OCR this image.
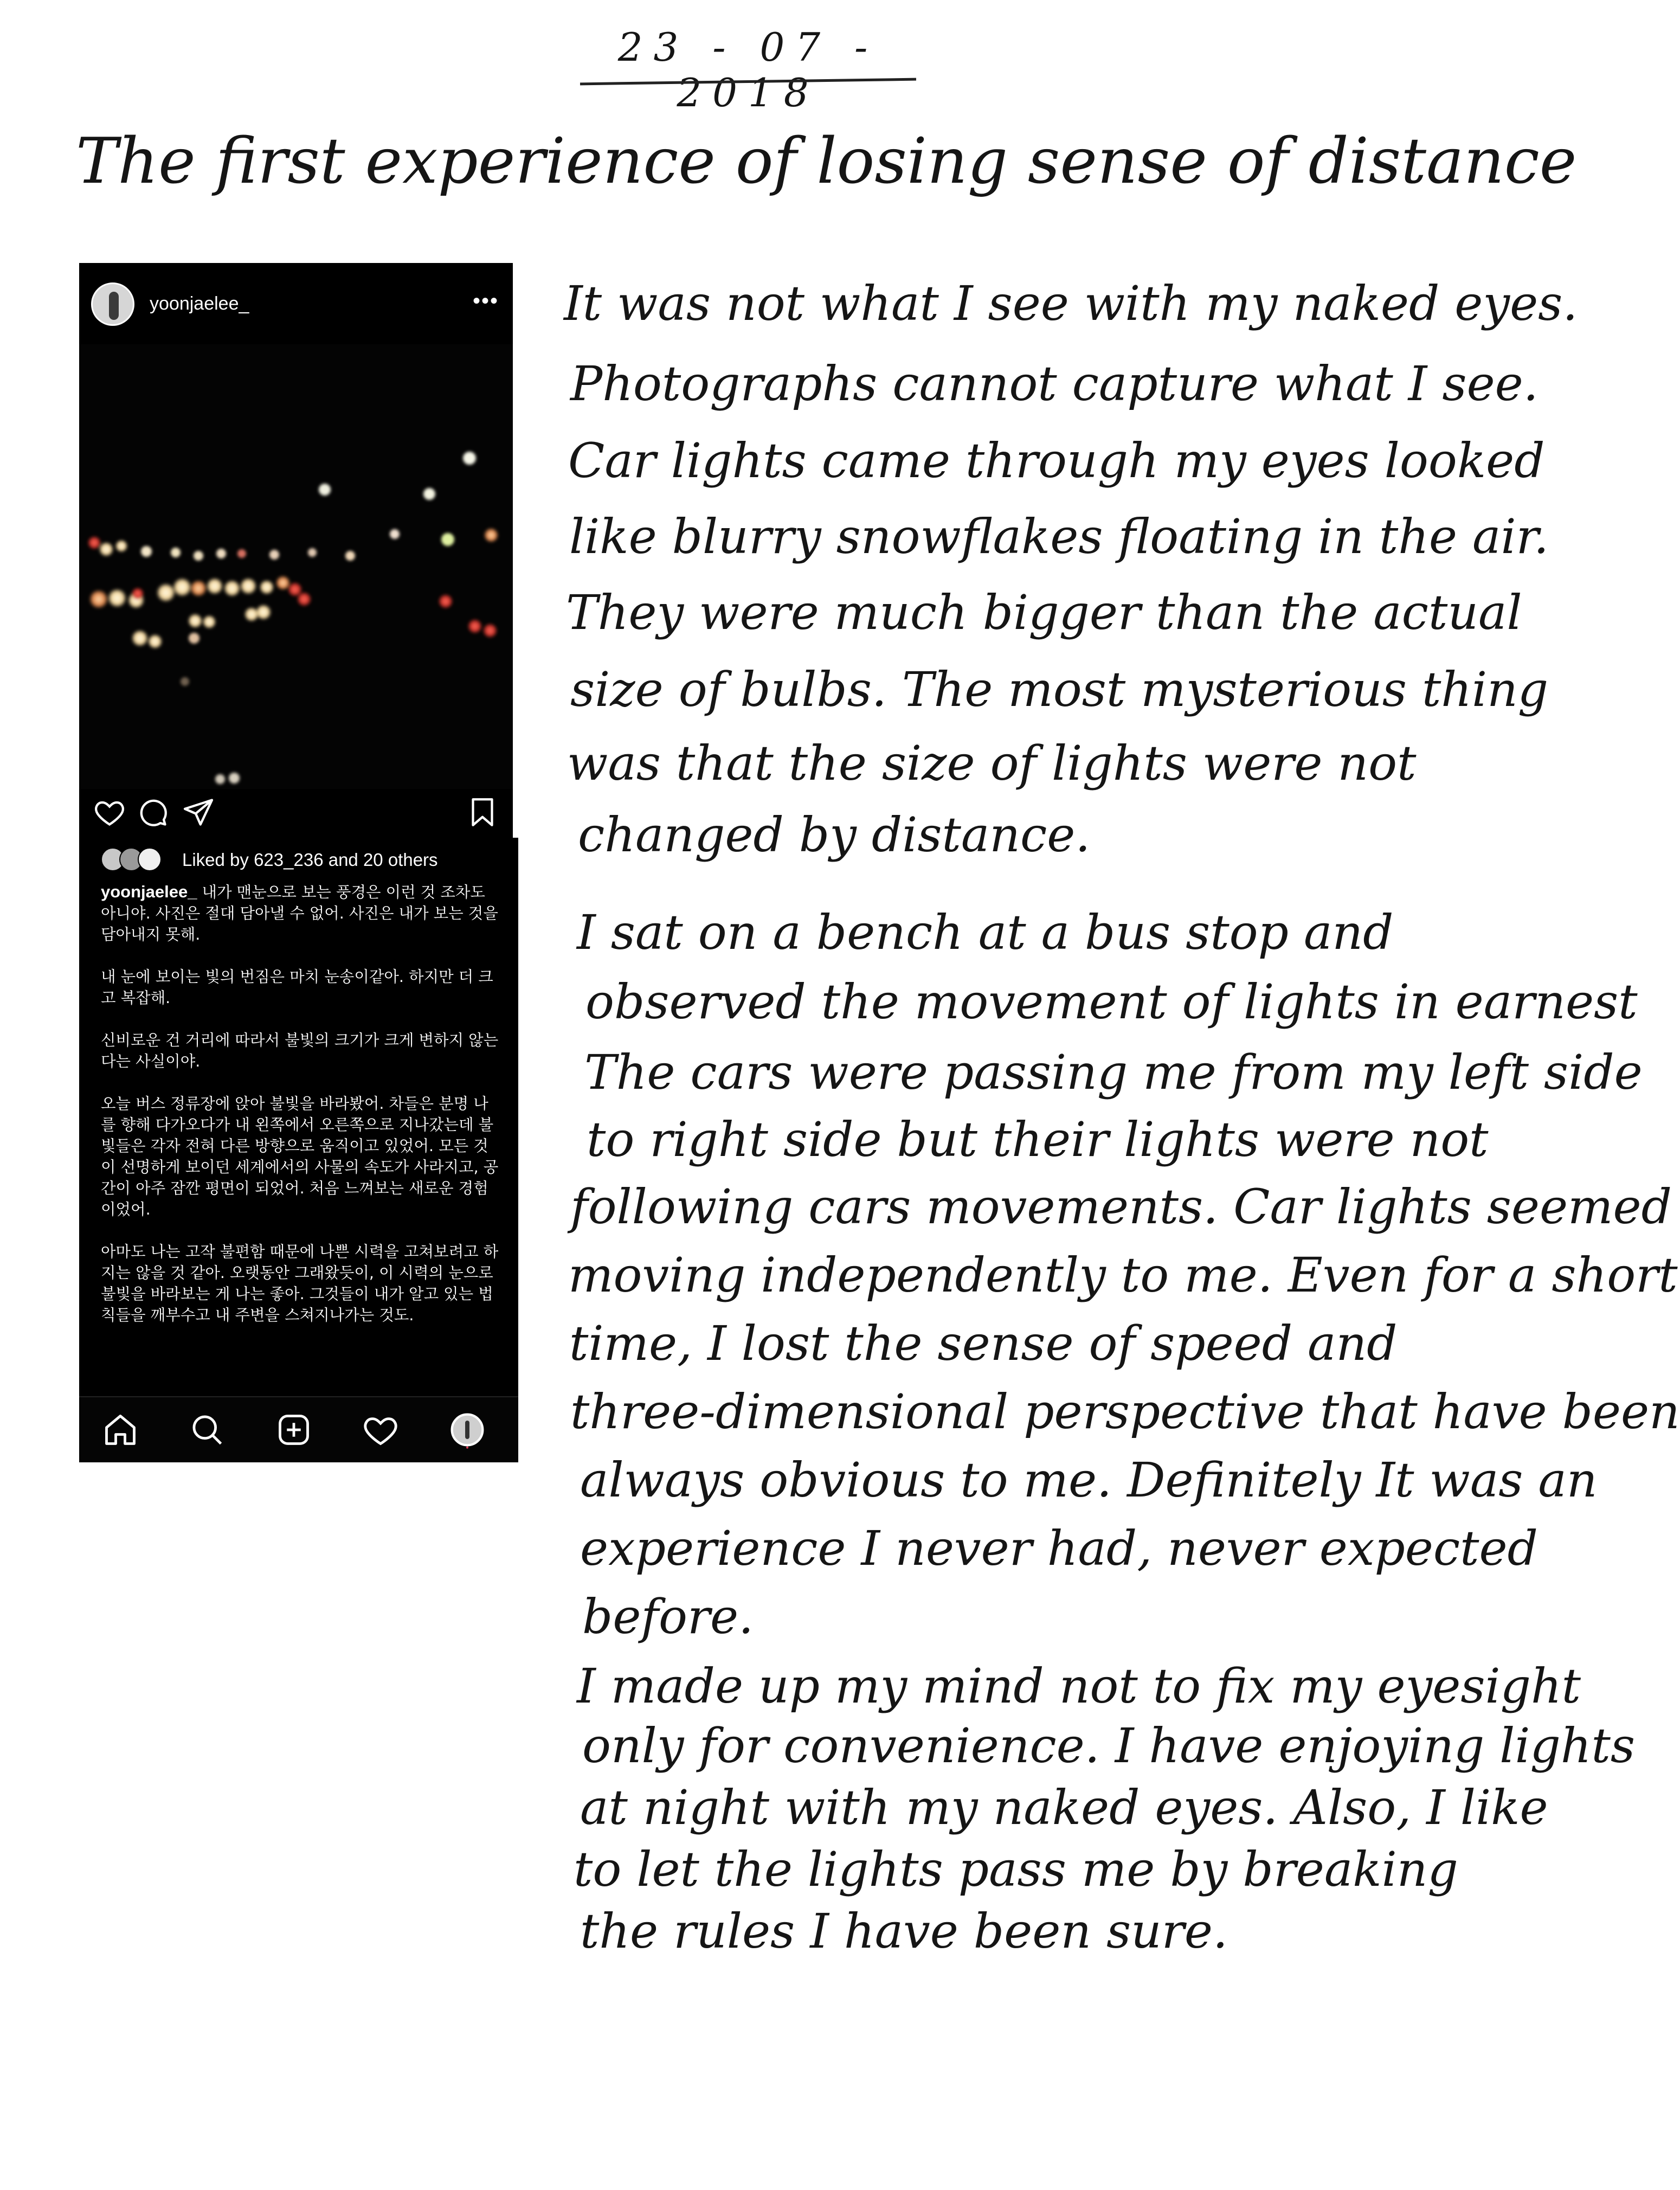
23 - 07 - 2018
The first experience of losing sense of distance
yoonjaelee_	•••
Liked by 623_236 and 20 others

yoonjaelee_ 내가 맨눈으로 보는 풍경은 이런 것 조차도 아니야. 사진은 절대 담아낼 수 없어. 사진은 내가 보는 것을 담아내지 못해.

내 눈에 보이는 빛의 번짐은 마치 눈송이같아. 하지만 더 크고 복잡해.

신비로운 건 거리에 따라서 불빛의 크기가 크게 변하지 않는다는 사실이야.

오늘 버스 정류장에 앉아 불빛을 바라봤어. 차들은 분명 나를 향해 다가오다가 내 왼쪽에서 오른쪽으로 지나갔는데 불빛들은 각자 전혀 다른 방향으로 움직이고 있었어. 모든 것이 선명하게 보이던 세계에서의 사물의 속도가 사라지고, 공간이 아주 잠깐 평면이 되었어. 처음 느껴보는 새로운 경험이었어.

아마도 나는 고작 불편함 때문에 나쁜 시력을 고쳐보려고 하지는 않을 것 같아. 오랫동안 그래왔듯이, 이 시력의 눈으로 불빛을 바라보는 게 나는 좋아. 그것들이 내가 알고 있는 법칙들을 깨부수고 내 주변을 스쳐지나가는 것도.

It was not what I see with my naked eyes.
Photographs cannot capture what I see.
Car lights came through my eyes looked
like blurry snowflakes floating in the air.
They were much bigger than the actual
size of bulbs. The most mysterious thing
was that the size of lights were not
changed by distance.
I sat on a bench at a bus stop and
observed the movement of lights in earnest
The cars were passing me from my left side
to right side but their lights were not
following cars movements. Car lights seemed
moving independently to me. Even for a short
time, I lost the sense of speed and
three-dimensional perspective that have been
always obvious to me. Definitely It was an
experience I never had, never expected
before.
I made up my mind not to fix my eyesight
only for convenience. I have enjoying lights
at night with my naked eyes. Also, I like
to let the lights pass me by breaking
the rules I have been sure.
